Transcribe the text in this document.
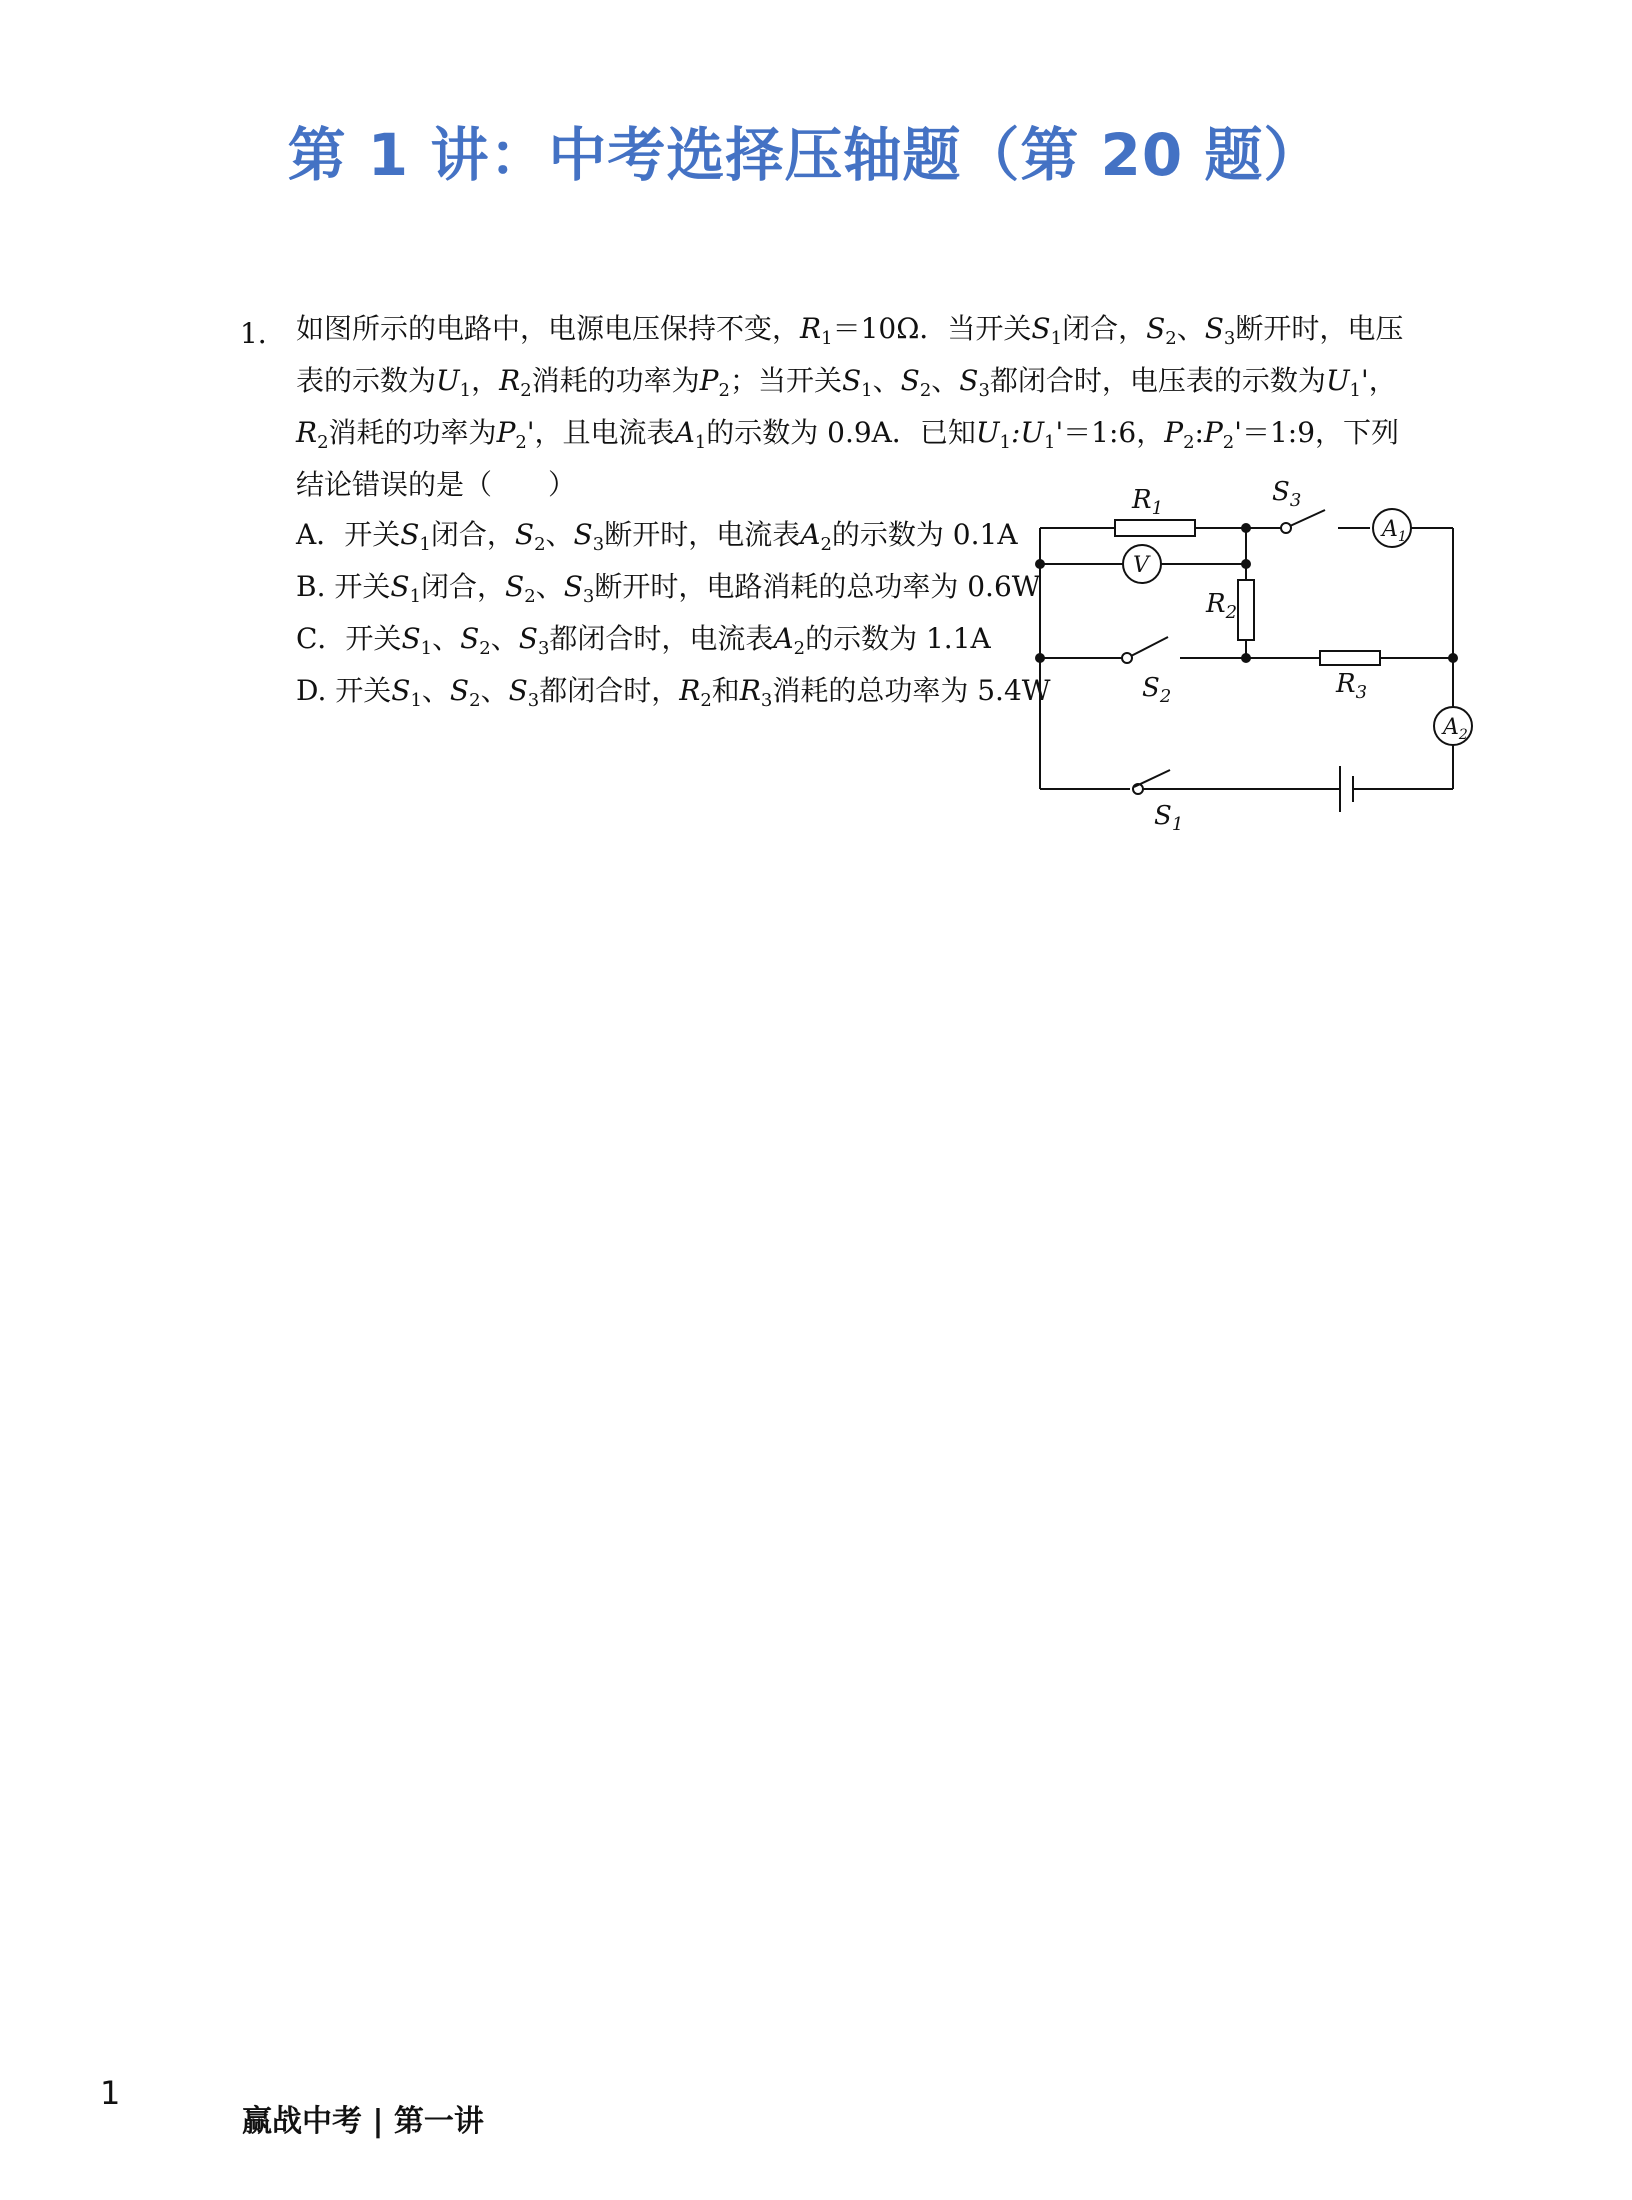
第 1 讲：中考选择压轴题（第 20 题）
1． 如图所示的电路中，电源电压保持不变，$R_1=10\Omega$．当开关$S_1$闭合，$S_2$、$S_3$断开时，电压
表的示数为$U_1$，$R_2$消耗的功率为$P_2$；当开关$S_1$、$S_2$、$S_3$都闭合时，电压表的示数为$U_1'$，
$R_2$消耗的功率为$P_2'$，且电流表$A_1$的示数为 0.9A．已知$U_1:U_1'=1:6$，$P_2:P_2'=1:9$，下列
结论错误的是（　　）
A．开关$S_1$闭合，$S_2$、$S_3$断开时，电流表$A_2$的示数为 0.1A
B. 开关$S_1$闭合，$S_2$、$S_3$断开时，电路消耗的总功率为 0.6W
C．开关$S_1$、$S_2$、$S_3$都闭合时，电流表$A_2$的示数为 1.1A
D. 开关$S_1$、$S_2$、$S_3$都闭合时，$R_2$和$R_3$消耗的总功率为 5.4W
$R_1$
$S_3$
$A_1$
V
$R_2$
$S_2$	$R_3$
$A_2$
$S_1$
1
赢战中考 | 第一讲
